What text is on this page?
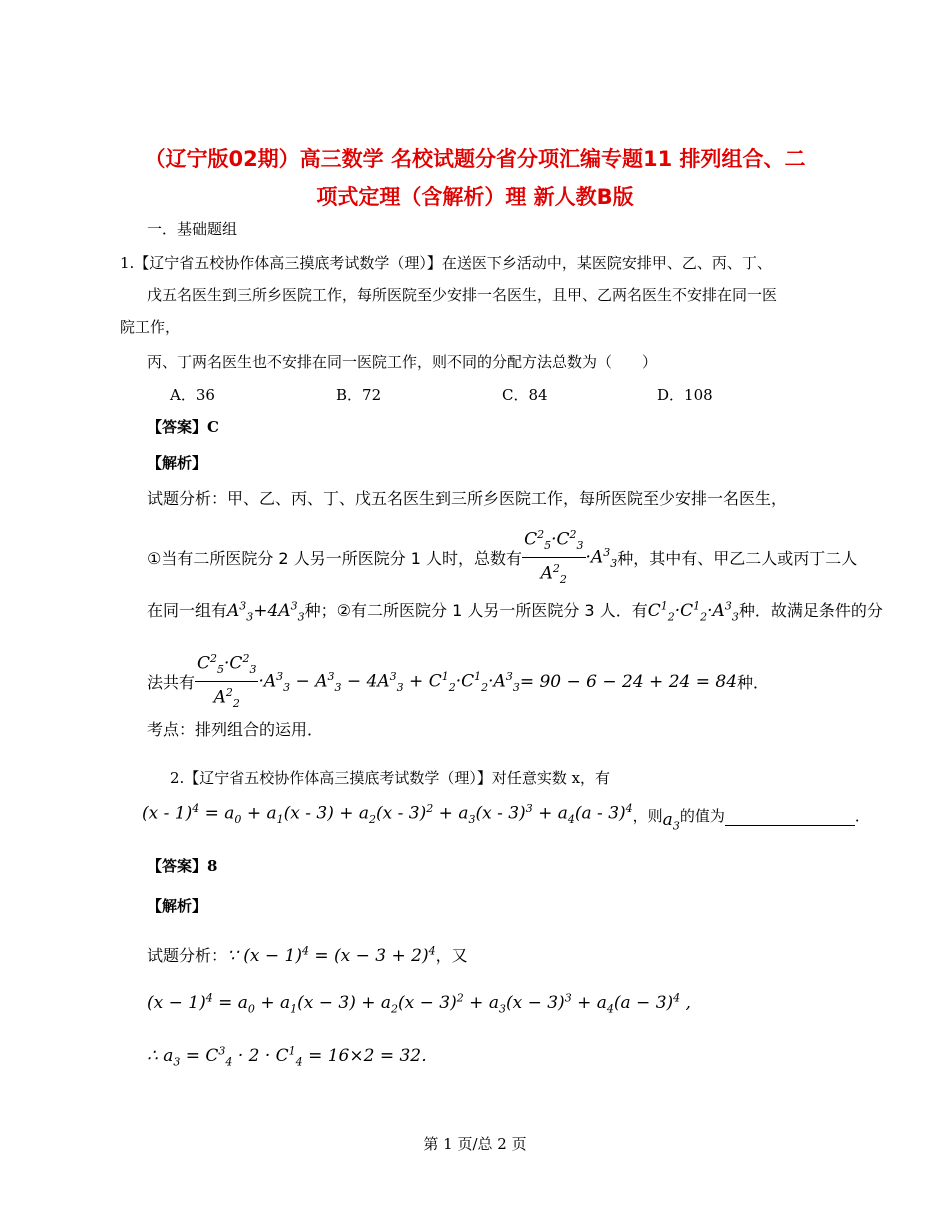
（辽宁版02期）高三数学 名校试题分省分项汇编专题11 排列组合、二
项式定理（含解析）理 新人教B版
一．基础题组
1.【辽宁省五校协作体高三摸底考试数学（理）】在送医下乡活动中，某医院安排甲、乙、丙、丁、
戊五名医生到三所乡医院工作，每所医院至少安排一名医生，且甲、乙两名医生不安排在同一医
院工作，
丙、丁两名医生也不安排在同一医院工作，则不同的分配方法总数为（　　）
A．36	B．72	C．84	D．108
【答案】C
【解析】
试题分析：甲、乙、丙、丁、戊五名医生到三所乡医院工作，每所医院至少安排一名医生，
①当有二所医院分 2 人另一所医院分 1 人时，总数有 $\frac{C^2_5\cdot C^2_3}{A^2_2} \cdot A^3_3$ 种，其中有、甲乙二人或丙丁二人
在同一组有$A^3_3+4A^3_3$种；②有二所医院分 1 人另一所医院分 3 人．有$C^1_2\cdot C^1_2\cdot A^3_3$种．故满足条件的分
法共有 $\frac{C^2_5\cdot C^2_3}{A^2_2} \cdot A^3_3 - A^3_3 - 4A^3_3 + C^1_2\cdot C^1_2\cdot A^3_3 = 90 - 6 - 24 + 24 = 84$ 种．
考点：排列组合的运用．
2.【辽宁省五校协作体高三摸底考试数学（理）】对任意实数 x，有
$(x - 1)^4 = a_0 + a_1(x - 3) + a_2(x - 3)^2 + a_3(x - 3)^3 + a_4(a - 3)^4$ ，则 $a_3$
的值为	．
【答案】8
【解析】
试题分析：∵ $(x - 1)^4 = (x - 3 + 2)^4$，又
$(x - 1)^4 = a_0 + a_1(x - 3) + a_2(x - 3)^2 + a_3(x - 3)^3 + a_4(a - 3)^4$ ,
∴ $a_3 = C^3_4 \cdot 2 \cdot C^1_4 = 16\times 2 = 32$．
第 1 页/总 2 页
